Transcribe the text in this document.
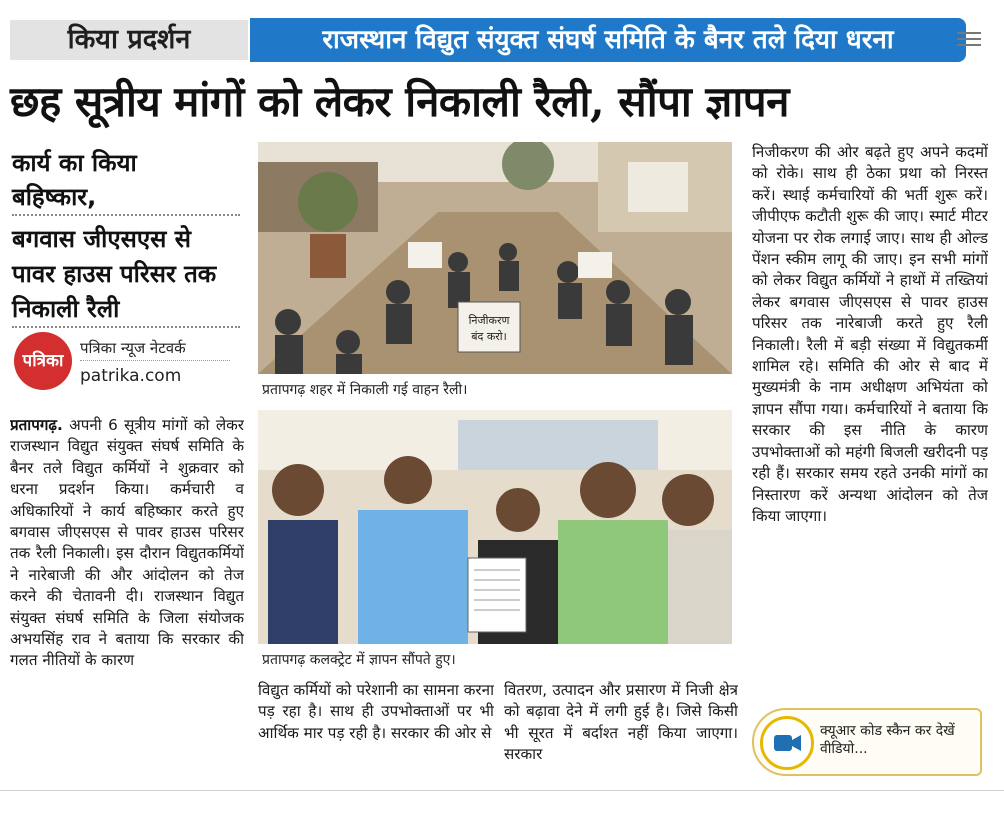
किया प्रदर्शन	राजस्थान विद्युत संयुक्त संघर्ष समिति के बैनर तले दिया धरना
छह सूत्रीय मांगों को लेकर निकाली रैली, सौंपा ज्ञापन
कार्य का किया
बहिष्कार,
बगवास जीएसएस से
पावर हाउस परिसर तक
निकाली रैली
पत्रिका
पत्रिका न्यूज नेटवर्क
patrika.com

प्रतापगढ़. अपनी 6 सूत्रीय मांगों को लेकर राजस्थान विद्युत संयुक्त संघर्ष समिति के बैनर तले विद्युत कर्मियों ने शुक्रवार को धरना प्रदर्शन किया। कर्मचारी व अधिकारियों ने कार्य बहिष्कार करते हुए बगवास जीएसएस से पावर हाउस परिसर तक रैली निकाली। इस दौरान विद्युतकर्मियों ने नारेबाजी की और आंदोलन को तेज करने की चेतावनी दी। राजस्थान विद्युत संयुक्त संघर्ष समिति के जिला संयोजक अभयसिंह राव ने बताया कि सरकार की गलत नीतियों के कारण

निजीकरण
बंद करो।
प्रतापगढ़ शहर में निकाली गई वाहन रैली।
प्रतापगढ़ कलक्ट्रेट में ज्ञापन सौंपते हुए।

विद्युत कर्मियों को परेशानी का सामना करना पड़ रहा है। साथ ही उपभोक्ताओं पर भी आर्थिक मार पड़ रही है। सरकार की ओर से

वितरण, उत्पादन और प्रसारण में निजी क्षेत्र को बढ़ावा देने में लगी हुई है। जिसे किसी भी सूरत में बर्दाश्त नहीं किया जाएगा। सरकार

निजीकरण की ओर बढ़ते हुए अपने कदमों को रोके। साथ ही ठेका प्रथा को निरस्त करें। स्थाई कर्मचारियों की भर्ती शुरू करें। जीपीएफ कटौती शुरू की जाए। स्मार्ट मीटर योजना पर रोक लगाई जाए। साथ ही ओल्ड पेंशन स्कीम लागू की जाए। इन सभी मांगों को लेकर विद्युत कर्मियों ने हाथों में तख्तियां लेकर बगवास जीएसएस से पावर हाउस परिसर तक नारेबाजी करते हुए रैली निकाली। रैली में बड़ी संख्या में विद्युतकर्मी शामिल रहे। समिति की ओर से बाद में मुख्यमंत्री के नाम अधीक्षण अभियंता को ज्ञापन सौंपा गया। कर्मचारियों ने बताया कि सरकार की इस नीति के कारण उपभोक्ताओं को महंगी बिजली खरीदनी पड़ रही हैं। सरकार समय रहते उनकी मांगों का निस्तारण करें अन्यथा आंदोलन को तेज किया जाएगा।

क्यूआर कोड स्कैन कर देखें वीडियो...
